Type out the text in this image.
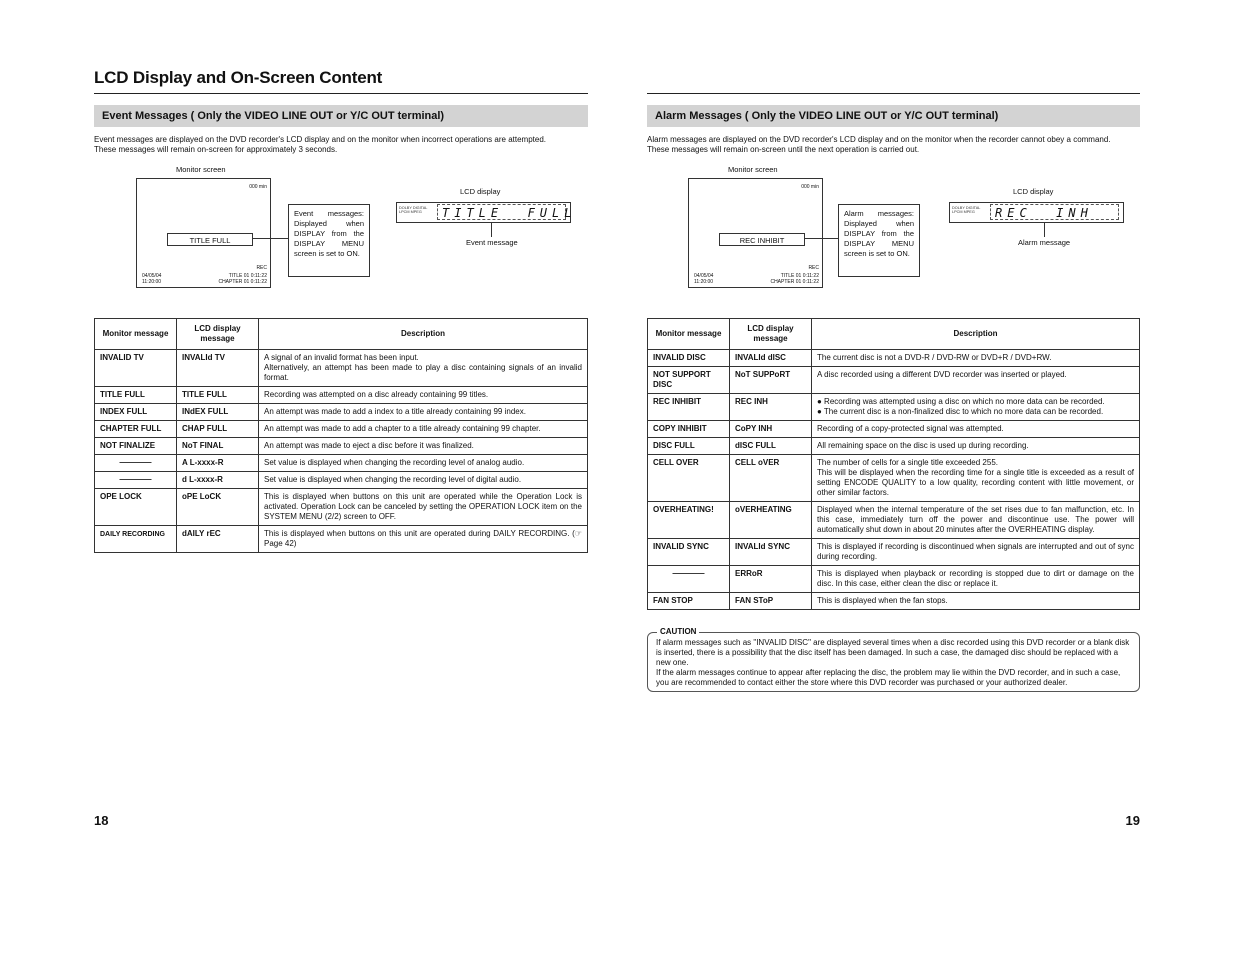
LCD Display and On-Screen Content
Event Messages ( Only the VIDEO LINE OUT or Y/C OUT terminal)
Event messages are displayed on the DVD recorder's LCD display and on the monitor when incorrect operations are attempted.
These messages will remain on-screen for approximately 3 seconds.
Monitor screen
000 min
TITLE FULL
REC
04/05/04
11:20:00
TITLE 01 0:11:22
CHAPTER 01 0:11:22
Event messages: Displayed when DISPLAY from the DISPLAY MENU screen is set to ON.
LCD display
DOLBY DIGITAL
LPCM MPEG	TITLE  FULL
Event message
Monitor message	LCD display message	Description
INVALID TV	INVALId TV	A signal of an invalid format has been input.
Alternatively, an attempt has been made to play a disc containing signals of an invalid format.
TITLE FULL	TITLE FULL	Recording was attempted on a disc already containing 99 titles.
INDEX FULL	INdEX FULL	An attempt was made to add a index to a title already containing 99 index.
CHAPTER FULL	CHAP FULL	An attempt was made to add a chapter to a title already containing 99 chapter.
NOT FINALIZE	NoT FINAL	An attempt was made to eject a disc before it was finalized.

————	A L-xxxx-R	Set value is displayed when changing the recording level of analog audio.

————	d L-xxxx-R	Set value is displayed when changing the recording level of digital audio.
OPE LOCK	oPE LoCK	This is displayed when buttons on this unit are operated while the Operation Lock is activated. Operation Lock can be canceled by setting the OPERATION LOCK item on the SYSTEM MENU (2/2) screen to OFF.
DAILY RECORDING	dAILY rEC	This is displayed when buttons on this unit are operated during DAILY RECORDING. (☞ Page 42)
18
Alarm Messages ( Only the VIDEO LINE OUT or Y/C OUT terminal)
Alarm messages are displayed on the DVD recorder's LCD display and on the monitor when the recorder cannot obey a command.
These messages will remain on-screen until the next operation is carried out.
Monitor screen
000 min
REC INHIBIT
REC
04/05/04
11:20:00
TITLE 01 0:11:22
CHAPTER 01 0:11:22
Alarm messages: Displayed when DISPLAY from the DISPLAY MENU screen is set to ON.
LCD display
DOLBY DIGITAL
LPCM MPEG	REC  INH
Alarm message
Monitor message	LCD display message	Description
INVALID DISC	INVALId dISC	The current disc is not a DVD-R / DVD-RW or DVD+R / DVD+RW.
NOT SUPPORT DISC	NoT SUPPoRT	A disc recorded using a different DVD recorder was inserted or played.
REC INHIBIT	REC INH	● Recording was attempted using a disc on which no more data can be recorded.
● The current disc is a non-finalized disc to which no more data can be recorded.
COPY INHIBIT	CoPY INH	Recording of a copy-protected signal was attempted.
DISC FULL	dISC FULL	All remaining space on the disc is used up during recording.
CELL OVER	CELL oVER	The number of cells for a single title exceeded 255.
This will be displayed when the recording time for a single title is exceeded as a result of setting ENCODE QUALITY to a low quality, recording content with little movement, or other similar factors.
OVERHEATING!	oVERHEATING	Displayed when the internal temperature of the set rises due to fan malfunction, etc. In this case, immediately turn off the power and discontinue use. The power will automatically shut down in about 20 minutes after the OVERHEATING display.
INVALID SYNC	INVALId SYNC	This is displayed if recording is discontinued when signals are interrupted and out of sync during recording.

————	ERRoR	This is displayed when playback or recording is stopped due to dirt or damage on the disc. In this case, either clean the disc or replace it.
FAN STOP	FAN SToP	This is displayed when the fan stops.
19
If alarm messages such as "INVALID DISC" are displayed several times when a disc recorded using this DVD recorder or a blank disk is inserted, there is a possibility that the disc itself has been damaged. In such a case, the damaged disc should be replaced with a new one.
If the alarm messages continue to appear after replacing the disc, the problem may lie within the DVD recorder, and in such a case, you are recommended to contact either the store where this DVD recorder was purchased or your authorized dealer.
CAUTION
